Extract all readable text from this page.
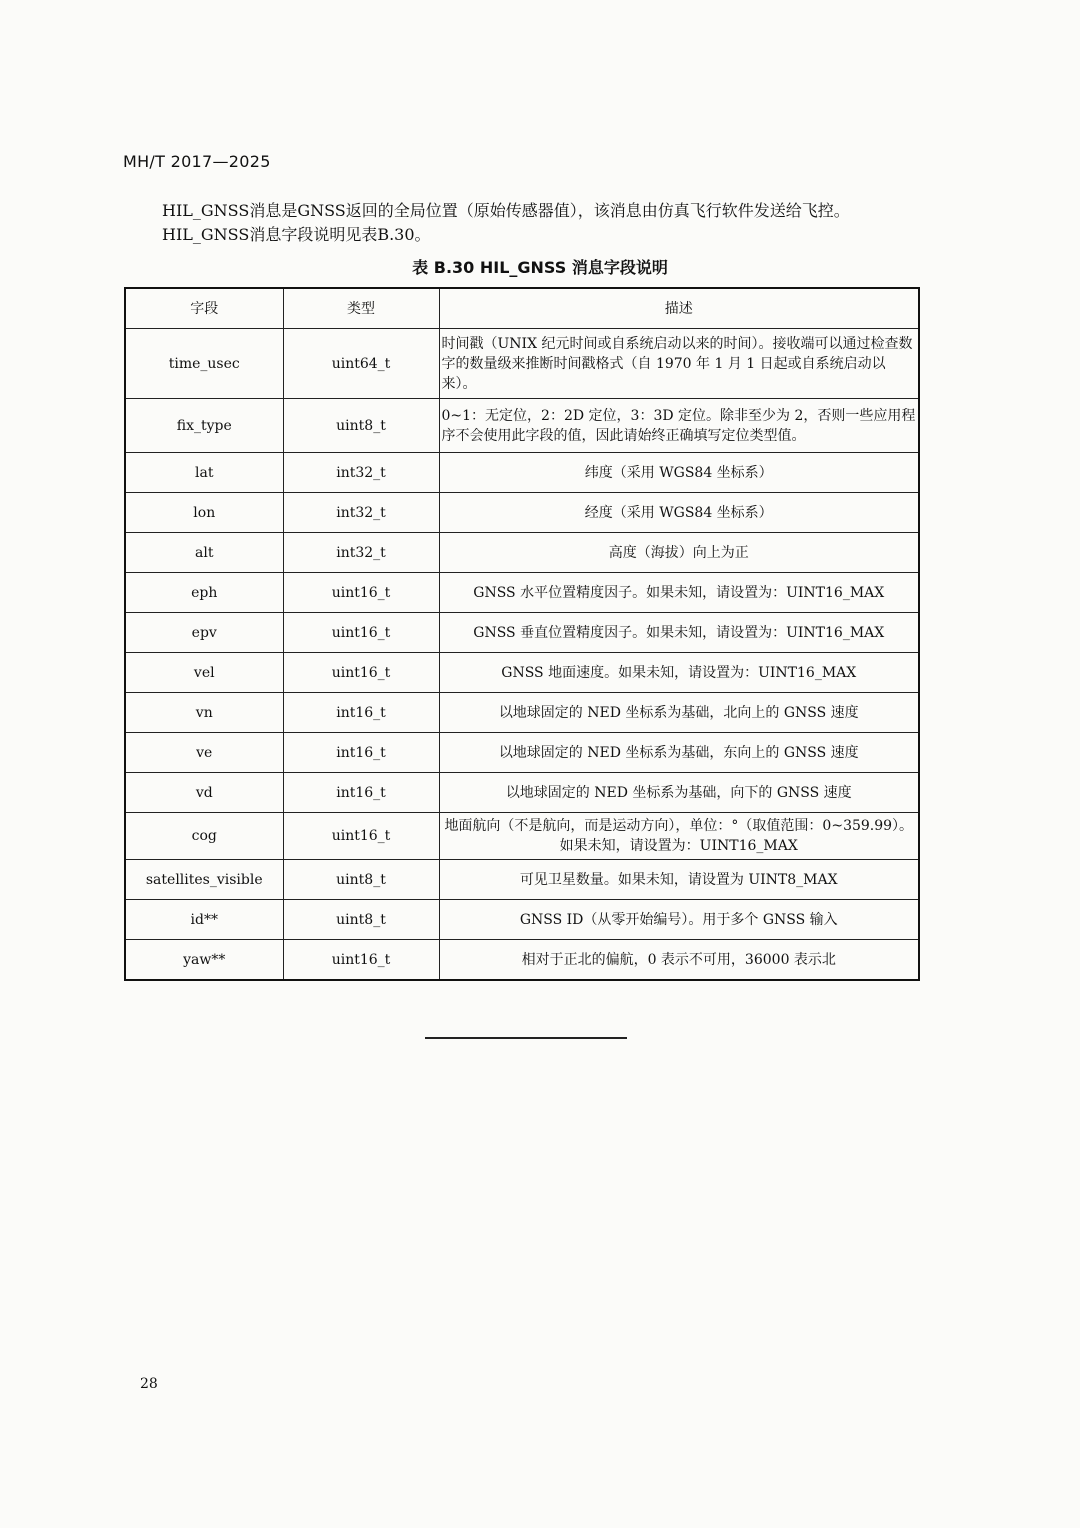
MH/T 2017—2025
HIL_GNSS消息是GNSS返回的全局位置（原始传感器值），该消息由仿真飞行软件发送给飞控。
HIL_GNSS消息字段说明见表B.30。
表 B.30 HIL_GNSS 消息字段说明
字段	类型	描述
time_usec	uint64_t	时间戳（UNIX 纪元时间或自系统启动以来的时间）。接收端可以通过检查数字的数量级来推断时间戳格式（自 1970 年 1 月 1 日起或自系统启动以来）。
fix_type	uint8_t	0~1：无定位，2：2D 定位，3：3D 定位。除非至少为 2，否则一些应用程序不会使用此字段的值，因此请始终正确填写定位类型值。
lat	int32_t	纬度（采用 WGS84 坐标系）
lon	int32_t	经度（采用 WGS84 坐标系）
alt	int32_t	高度（海拔）向上为正
eph	uint16_t	GNSS 水平位置精度因子。如果未知，请设置为：UINT16_MAX
epv	uint16_t	GNSS 垂直位置精度因子。如果未知，请设置为：UINT16_MAX
vel	uint16_t	GNSS 地面速度。如果未知，请设置为：UINT16_MAX
vn	int16_t	以地球固定的 NED 坐标系为基础，北向上的 GNSS 速度
ve	int16_t	以地球固定的 NED 坐标系为基础，东向上的 GNSS 速度
vd	int16_t	以地球固定的 NED 坐标系为基础，向下的 GNSS 速度
cog	uint16_t	地面航向（不是航向，而是运动方向），单位：°（取值范围：0~359.99）。如果未知，请设置为：UINT16_MAX
satellites_visible	uint8_t	可见卫星数量。如果未知，请设置为 UINT8_MAX
id**	uint8_t	GNSS ID（从零开始编号）。用于多个 GNSS 输入
yaw**	uint16_t	相对于正北的偏航，0 表示不可用，36000 表示北
28
